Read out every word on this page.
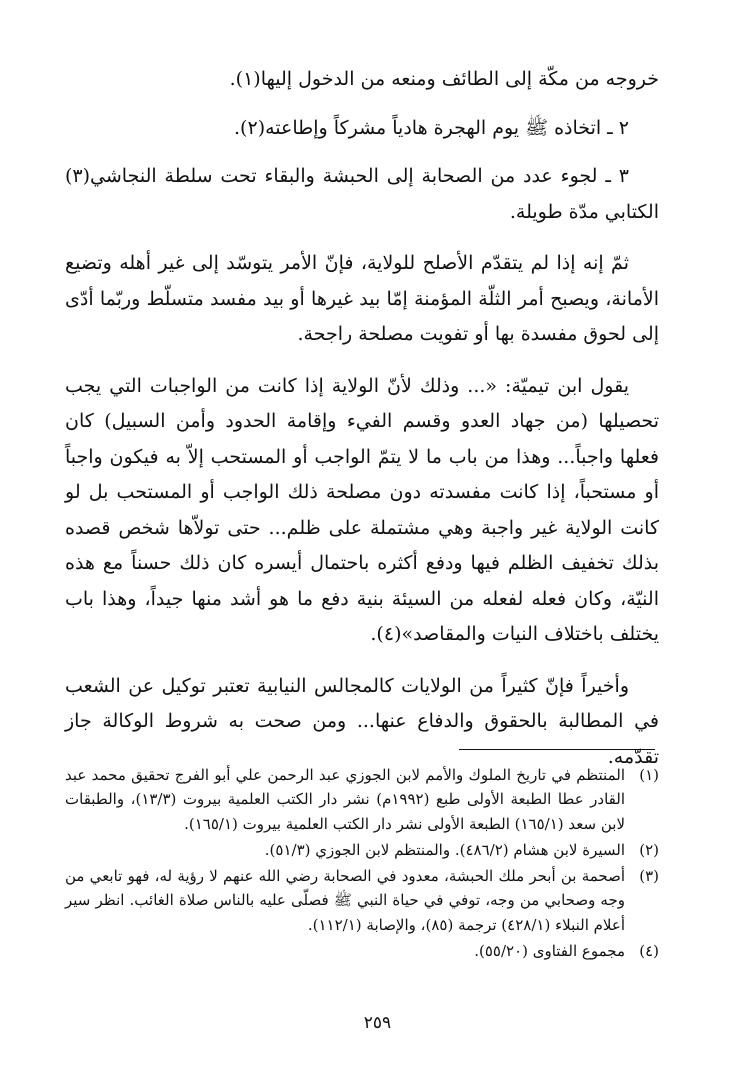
خروجه من مكّة إلى الطائف ومنعه من الدخول إليها(١).

٢ ـ اتخاذه ﷺ يوم الهجرة هادياً مشركاً وإطاعته(٢).

٣ ـ لجوء عدد من الصحابة إلى الحبشة والبقاء تحت سلطة النجاشي(٣) الكتابي مدّة طويلة.

ثمّ إنه إذا لم يتقدّم الأصلح للولاية، فإنّ الأمر يتوسّد إلى غير أهله وتضيع الأمانة، ويصبح أمر الثلّة المؤمنة إمّا بيد غيرها أو بيد مفسد متسلّط وربّما أدّى إلى لحوق مفسدة بها أو تفويت مصلحة راجحة.

يقول ابن تيميّة: «... وذلك لأنّ الولاية إذا كانت من الواجبات التي يجب تحصيلها (من جهاد العدو وقسم الفيء وإقامة الحدود وأمن السبيل) كان فعلها واجباً... وهذا من باب ما لا يتمّ الواجب أو المستحب إلاّ به فيكون واجباً أو مستحباً، إذا كانت مفسدته دون مصلحة ذلك الواجب أو المستحب بل لو كانت الولاية غير واجبة وهي مشتملة على ظلم... حتى تولاّها شخص قصده بذلك تخفيف الظلم فيها ودفع أكثره باحتمال أيسره كان ذلك حسناً مع هذه النيّة، وكان فعله لفعله من السيئة بنية دفع ما هو أشد منها جيداً، وهذا باب يختلف باختلاف النيات والمقاصد»(٤).

وأخيراً فإنّ كثيراً من الولايات كالمجالس النيابية تعتبر توكيل عن الشعب في المطالبة بالحقوق والدفاع عنها... ومن صحت به شروط الوكالة جاز تقدّمه.

(١)
المنتظم في تاريخ الملوك والأمم لابن الجوزي عبد الرحمن علي أبو الفرج تحقيق محمد عبد القادر عطا الطبعة الأولى طبع (١٩٩٢م) نشر دار الكتب العلمية بيروت (١٣/٣)، والطبقات لابن سعد (١٦٥/١) الطبعة الأولى نشر دار الكتب العلمية بيروت (١٦٥/١).
(٢)
السيرة لابن هشام (٤٨٦/٢). والمنتظم لابن الجوزي (٥١/٣).
(٣)
أصحمة بن أبحر ملك الحبشة، معدود في الصحابة رضي الله عنهم لا رؤية له، فهو تابعي من وجه وصحابي من وجه، توفي في حياة النبي ﷺ فصلّى عليه بالناس صلاة الغائب. انظر سير أعلام النبلاء (٤٢٨/١) ترجمة (٨٥)، والإصابة (١١٢/١).
(٤)
مجموع الفتاوى (٥٥/٢٠).
٢٥٩
